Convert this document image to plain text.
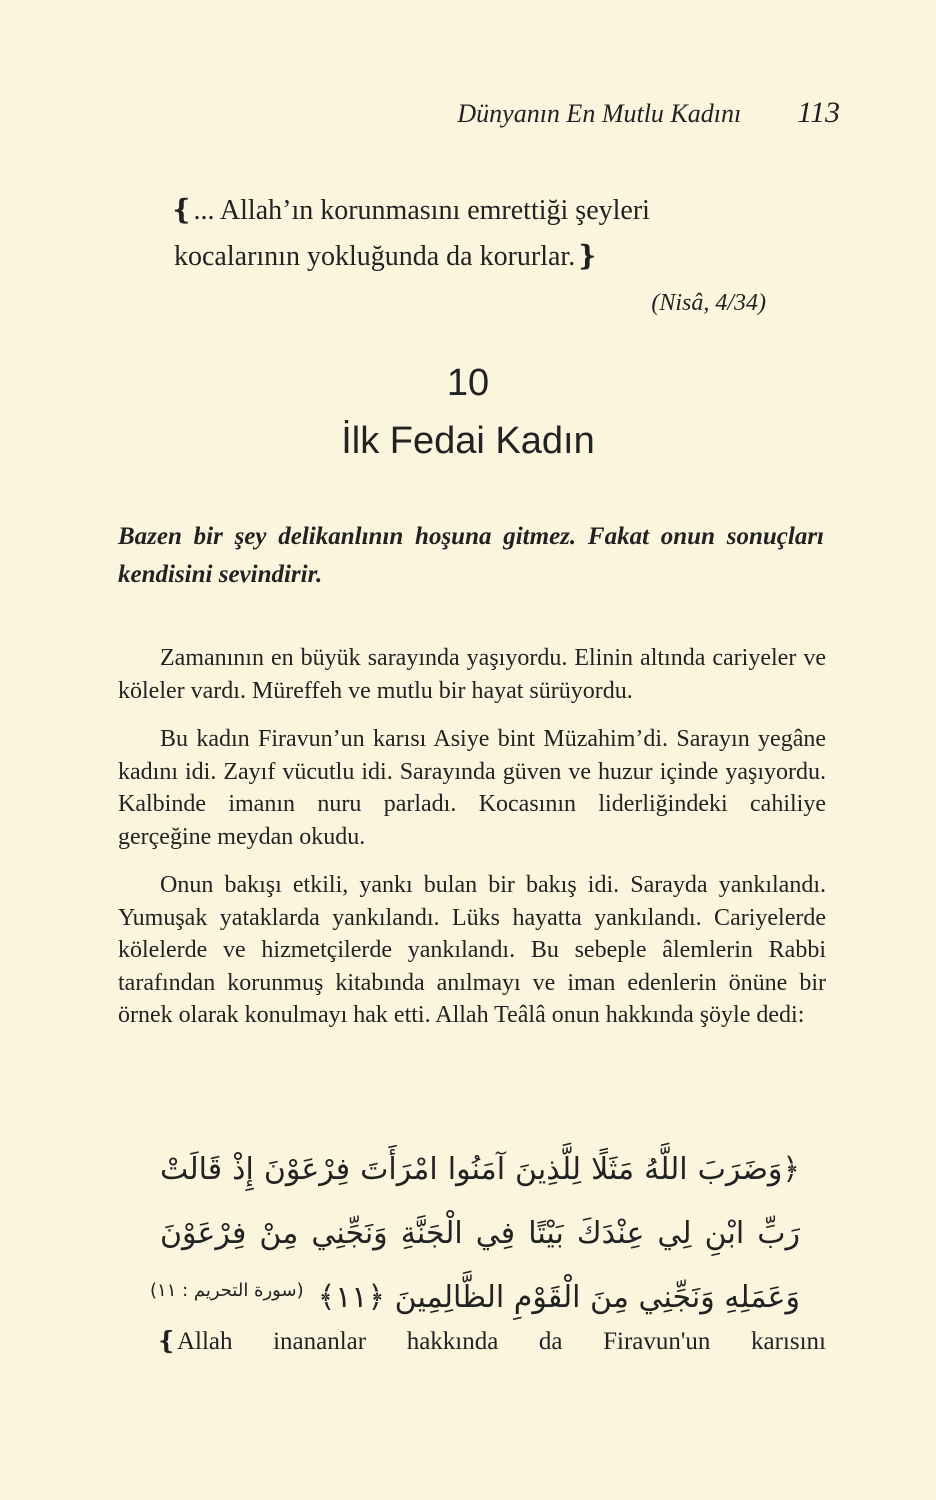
Dünyanın En Mutlu Kadını 113
❴... Allah’ın korunmasını emrettiği şeyleri
kocalarının yokluğunda da korurlar.❵
(Nisâ, 4/34)
10
İlk Fedai Kadın
Bazen bir şey delikanlının hoşuna gitmez. Fakat onun sonuçları kendisini sevindirir.

Zamanının en büyük sarayında yaşıyordu. Elinin altında cariyeler ve köleler vardı. Müreffeh ve mutlu bir hayat sürüyordu.

Bu kadın Firavun’un karısı Asiye bint Müzahim’di. Sarayın yegâne kadını idi. Zayıf vücutlu idi. Sarayında güven ve huzur içinde yaşıyordu. Kalbinde imanın nuru parladı. Kocasının liderliğindeki cahiliye gerçeğine meydan okudu.

Onun bakışı etkili, yankı bulan bir bakış idi. Sarayda yankılandı. Yumuşak yataklarda yankılandı. Lüks hayatta yankılandı. Cariyelerde kölelerde ve hizmetçilerde yankılandı. Bu sebeple âlemlerin Rabbi tarafından korunmuş kitabında anılmayı ve iman edenlerin önüne bir örnek olarak konulmayı hak etti. Allah Teâlâ onun hakkında şöyle dedi:

﴿وَضَرَبَ اللَّهُ مَثَلًا لِلَّذِينَ آمَنُوا امْرَأَتَ فِرْعَوْنَ إِذْ قَالَتْ رَبِّ ابْنِ لِي عِنْدَكَ بَيْتًا فِي الْجَنَّةِ وَنَجِّنِي مِنْ فِرْعَوْنَ وَعَمَلِهِ وَنَجِّنِي مِنَ الْقَوْمِ الظَّالِمِينَ ﴿١١﴾
(سورة التحريم : ١١)
❴Allah inananlar hakkında da Firavun'un karısını
